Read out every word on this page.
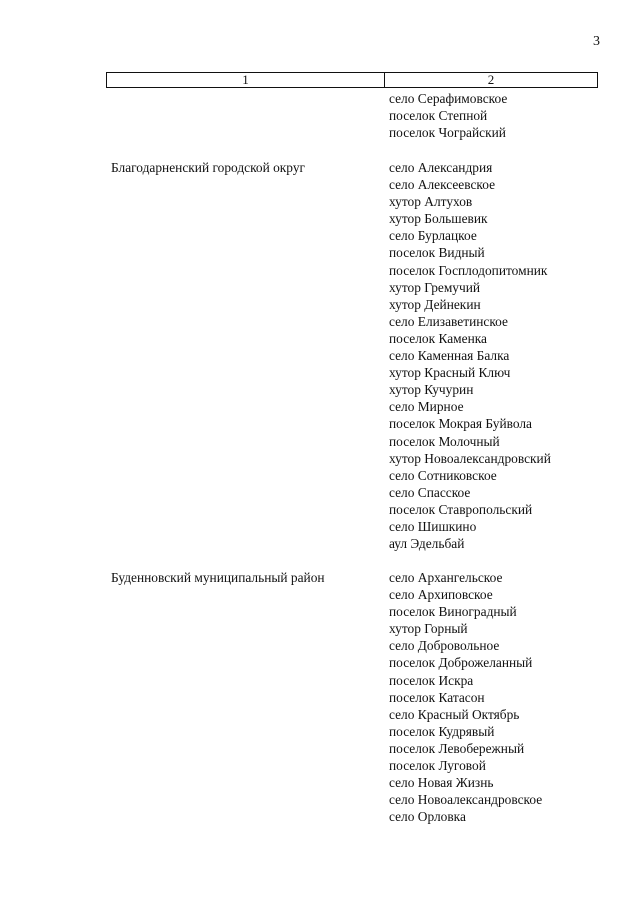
3
1	2
село Серафимовское
поселок Степной
поселок Чограйский
Благодарненский городской округ	село Александрия
село Алексеевское
хутор Алтухов
хутор Большевик
село Бурлацкое
поселок Видный
поселок Госплодопитомник
хутор Гремучий
хутор Дейнекин
село Елизаветинское
поселок Каменка
село Каменная Балка
хутор Красный Ключ
хутор Кучурин
село Мирное
поселок Мокрая Буйвола
поселок Молочный
хутор Новоалександровский
село Сотниковское
село Спасское
поселок Ставропольский
село Шишкино
аул Эдельбай
Буденновский муниципальный район	село Архангельское
село Архиповское
поселок Виноградный
хутор Горный
село Добровольное
поселок Доброжеланный
поселок Искра
поселок Катасон
село Красный Октябрь
поселок Кудрявый
поселок Левобережный
поселок Луговой
село Новая Жизнь
село Новоалександровское
село Орловка
